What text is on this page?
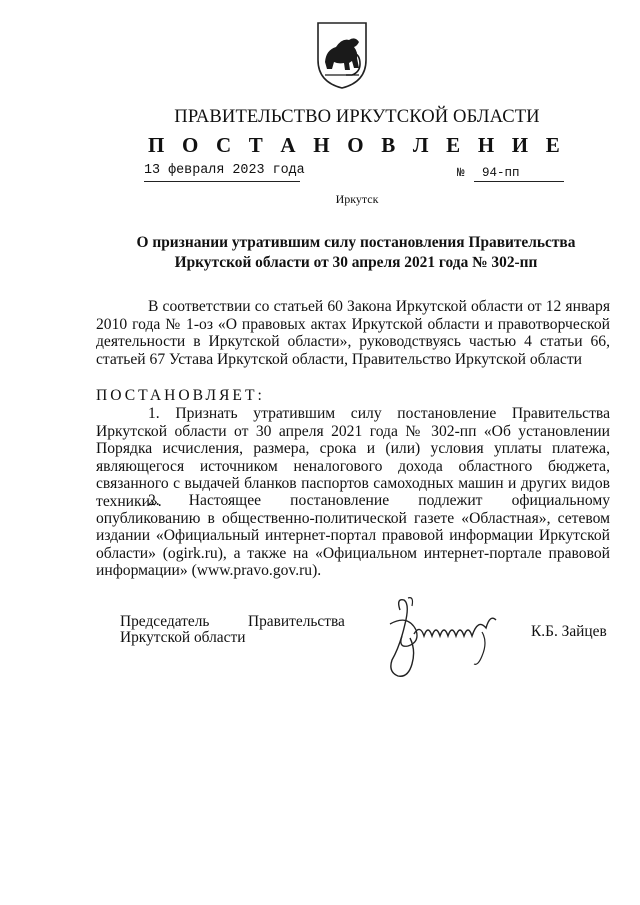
ПРАВИТЕЛЬСТВО ИРКУТСКОЙ ОБЛАСТИ
П О С Т А Н О В Л Е Н И Е
13 февраля 2023 года	№ 94-пп
Иркутск
О признании утратившим силу постановления Правительства
Иркутской области от 30 апреля 2021 года № 302-пп
В соответствии со статьей 60 Закона Иркутской области от 12 января 2010 года № 1-оз «О правовых актах Иркутской области и правотворческой деятельности в Иркутской области», руководствуясь частью 4 статьи 66, статьей 67 Устава Иркутской области, Правительство Иркутской области
ПОСТАНОВЛЯЕТ:
1. Признать утратившим силу постановление Правительства Иркутской области от 30 апреля 2021 года № 302-пп «Об установлении Порядка исчисления, размера, срока и (или) условия уплаты платежа, являющегося источником неналогового дохода областного бюджета, связанного с выдачей бланков паспортов самоходных машин и других видов техники».
2. Настоящее постановление подлежит официальному опубликованию в общественно-политической газете «Областная», сетевом издании «Официальный интернет-портал правовой информации Иркутской области» (ogirk.ru), а также на «Официальном интернет-портале правовой информации» (www.pravo.gov.ru).
Председатель	Правительства
Иркутской области	К.Б. Зайцев
